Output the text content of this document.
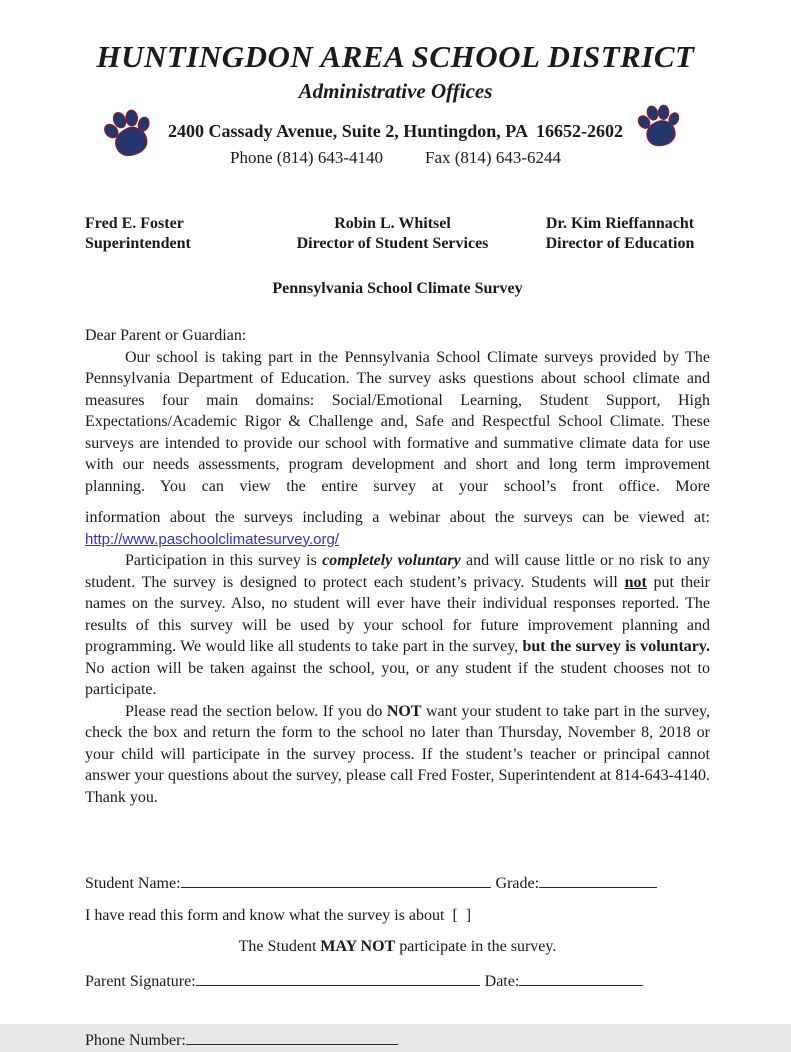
HUNTINGDON AREA SCHOOL DISTRICT
Administrative Offices
2400 Cassady Avenue, Suite 2, Huntingdon, PA  16652-2602
Phone (814) 643-4140 Fax (814) 643-6244
Fred E. Foster
Superintendent
Robin L. Whitsel
Director of Student Services
Dr. Kim Rieffannacht
Director of Education
Pennsylvania School Climate Survey

Dear Parent or Guardian:

Our school is taking part in the Pennsylvania School Climate surveys provided by The Pennsylvania Department of Education. The survey asks questions about school climate and measures four main domains: Social/Emotional Learning, Student Support, High Expectations/Academic Rigor & Challenge and, Safe and Respectful School Climate. These surveys are intended to provide our school with formative and summative climate data for use with our needs assessments, program development and short and long term improvement planning. You can view the entire survey at your school’s front office. More

information about the surveys including a webinar about the surveys can be viewed at:

http://www.paschoolclimatesurvey.org/

Participation in this survey is completely voluntary and will cause little or no risk to any student. The survey is designed to protect each student’s privacy. Students will not put their names on the survey. Also, no student will ever have their individual responses reported. The results of this survey will be used by your school for future improvement planning and programming. We would like all students to take part in the survey, but the survey is voluntary. No action will be taken against the school, you, or any student if the student chooses not to participate.

Please read the section below. If you do NOT want your student to take part in the survey, check the box and return the form to the school no later than Thursday, November 8, 2018 or your child will participate in the survey process. If the student’s teacher or principal cannot answer your questions about the survey, please call Fred Foster, Superintendent at 814-643-4140. Thank you.

Student Name:	Grade:
I have read this form and know what the survey is about [  ]
The Student MAY NOT participate in the survey.
Parent Signature:	Date:
Phone Number:
